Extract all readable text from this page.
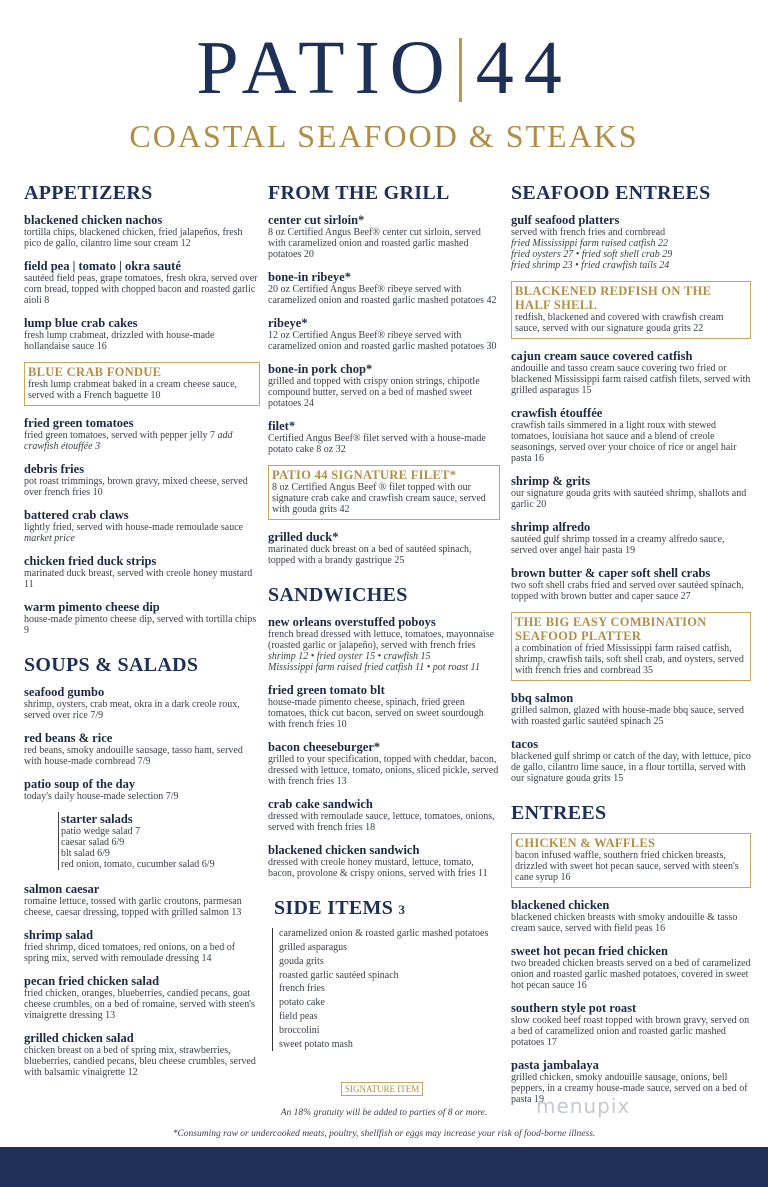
PATIO 44
COASTAL SEAFOOD & STEAKS
APPETIZERS
blackened chicken nachos
tortilla chips, blackened chicken, fried jalapeños, fresh pico de gallo, cilantro lime sour cream 12
field pea | tomato | okra sauté
sautéed field peas, grape tomatoes, fresh okra, served over corn bread, topped with chopped bacon and roasted garlic aioli 8
lump blue crab cakes
fresh lump crabmeat, drizzled with house-made hollandaise sauce 16
BLUE CRAB FONDUE
fresh lump crabmeat baked in a cream cheese sauce, served with a French baguette 10
fried green tomatoes
fried green tomatoes, served with pepper jelly 7 add crawfish étouffée 3
debris fries
pot roast trimmings, brown gravy, mixed cheese, served over french fries 10
battered crab claws
lightly fried, served with house-made remoulade sauce market price
chicken fried duck strips
marinated duck breast, served with creole honey mustard 11
warm pimento cheese dip
house-made pimento cheese dip, served with tortilla chips 9
SOUPS & SALADS
seafood gumbo
shrimp, oysters, crab meat, okra in a dark creole roux, served over rice 7/9
red beans & rice
red beans, smoky andouille sausage, tasso ham, served with house-made cornbread 7/9
patio soup of the day
today's daily house-made selection 7/9
starter salads
patio wedge salad 7
caesar salad 6/9
blt salad 6/9
red onion, tomato, cucumber salad 6/9
salmon caesar
romaine lettuce, tossed with garlic croutons, parmesan cheese, caesar dressing, topped with grilled salmon 13
shrimp salad
fried shrimp, diced tomatoes, red onions, on a bed of spring mix, served with remoulade dressing 14
pecan fried chicken salad
fried chicken, oranges, blueberries, candied pecans, goat cheese crumbles, on a bed of romaine, served with steen's vinaigrette dressing 13
grilled chicken salad
chicken breast on a bed of spring mix, strawberries, blueberries, candied pecans, bleu cheese crumbles, served with balsamic vinaigrette 12
FROM THE GRILL
center cut sirloin*
8 oz Certified Angus Beef® center cut sirloin, served with caramelized onion and roasted garlic mashed potatoes 20
bone-in ribeye*
20 oz Certified Angus Beef® ribeye served with caramelized onion and roasted garlic mashed potatoes 42
ribeye*
12 oz Certified Angus Beef® ribeye served with caramelized onion and roasted garlic mashed potatoes 30
bone-in pork chop*
grilled and topped with crispy onion strings, chipotle compound butter, served on a bed of mashed sweet potatoes 24
filet*
Certified Angus Beef® filet served with a house-made potato cake 8 oz 32
PATIO 44 SIGNATURE FILET*
8 oz Certified Angus Beef ® filet topped with our signature crab cake and crawfish cream sauce, served with gouda grits 42
grilled duck*
marinated duck breast on a bed of sautéed spinach, topped with a brandy gastrique 25
SANDWICHES
new orleans overstuffed poboys
french bread dressed with lettuce, tomatoes, mayonnaise (roasted garlic or jalapeño), served with french fries
shrimp 12 • fried oyster 15 • crawfish 15
Mississippi farm raised fried catfish 11 • pot roast 11
fried green tomato blt
house-made pimento cheese, spinach, fried green tomatoes, thick cut bacon, served on sweet sourdough with french fries 10
bacon cheeseburger*
grilled to your specification, topped with cheddar, bacon, dressed with lettuce, tomato, onions, sliced pickle, served with french fries 13
crab cake sandwich
dressed with remoulade sauce, lettuce, tomatoes, onions, served with french fries 18
blackened chicken sandwich
dressed with creole honey mustard, lettuce, tomato, bacon, provolone & crispy onions, served with fries 11
SIDE ITEMS 3
caramelized onion & roasted garlic mashed potatoes
grilled asparagus
gouda grits
roasted garlic sautéed spinach
french fries
potato cake
field peas
broccolini
sweet potato mash
SEAFOOD ENTREES
gulf seafood platters
served with french fries and cornbread
fried Mississippi farm raised catfish 22
fried oysters 27 • fried soft shell crab 29
fried shrimp 23 • fried crawfish tails 24
BLACKENED REDFISH ON THE HALF SHELL
redfish, blackened and covered with crawfish cream sauce, served with our signature gouda grits 22
cajun cream sauce covered catfish
andouille and tasso cream sauce covering two fried or blackened Mississippi farm raised catfish filets, served with grilled asparagus 15
crawfish étouffée
crawfish tails simmered in a light roux with stewed tomatoes, louisiana hot sauce and a blend of creole seasonings, served over your choice of rice or angel hair pasta 16
shrimp & grits
our signature gouda grits with sautéed shrimp, shallots and garlic 20
shrimp alfredo
sautéed gulf shrimp tossed in a creamy alfredo sauce, served over angel hair pasta 19
brown butter & caper soft shell crabs
two soft shell crabs fried and served over sautéed spinach, topped with brown butter and caper sauce 27
THE BIG EASY COMBINATION SEAFOOD PLATTER
a combination of fried Mississippi farm raised catfish, shrimp, crawfish tails, soft shell crab, and oysters, served with french fries and cornbread 35
bbq salmon
grilled salmon, glazed with house-made bbq sauce, served with roasted garlic sautéed spinach 25
tacos
blackened gulf shrimp or catch of the day, with lettuce, pico de gallo, cilantro lime sauce, in a flour tortilla, served with our signature gouda grits 15
ENTREES
CHICKEN & WAFFLES
bacon infused waffle, southern fried chicken breasts, drizzled with sweet hot pecan sauce, served with steen's cane syrup 16
blackened chicken
blackened chicken breasts with smoky andouille & tasso cream sauce, served with field peas 16
sweet hot pecan fried chicken
two breaded chicken breasts served on a bed of caramelized onion and roasted garlic mashed potatoes, covered in sweet hot pecan sauce 16
southern style pot roast
slow cooked beef roast topped with brown gravy, served on a bed of caramelized onion and roasted garlic mashed potatoes 17
pasta jambalaya
grilled chicken, smoky andouille sausage, onions, bell peppers, in a creamy house-made sauce, served on a bed of pasta 19
SIGNATURE ITEM
menupix
An 18% gratuity will be added to parties of 8 or more.
*Consuming raw or undercooked meats, poultry, shellfish or eggs may increase your risk of food-borne illness.
